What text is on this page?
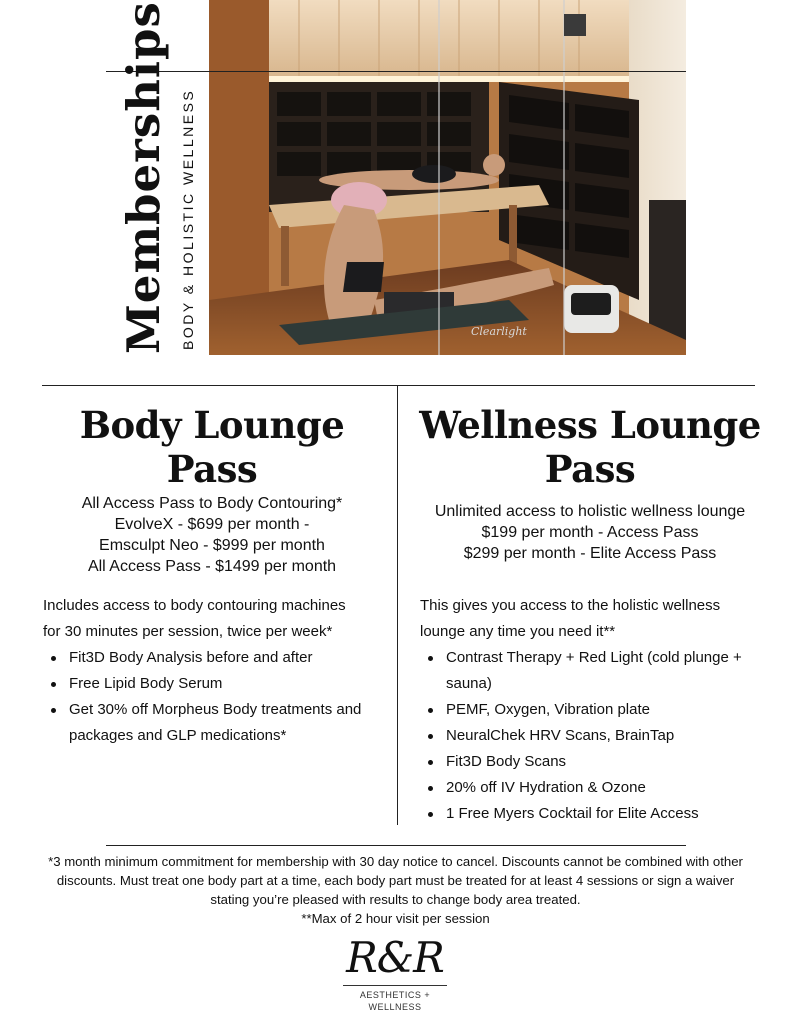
Clearlight
Memberships BODY & HOLISTIC WELLNESS
Body Lounge Pass
All Access Pass to Body Contouring*
EvolveX - $699 per month -
Emsculpt Neo - $999 per month
All Access Pass - $1499 per month
Includes access to body contouring machines
for 30 minutes per session, twice per week*
Fit3D Body Analysis before and after
Free Lipid Body Serum
Get 30% off Morpheus Body treatments and packages and GLP medications*
Wellness Lounge Pass
Unlimited access to holistic wellness lounge
$199 per month - Access Pass
$299 per month - Elite Access Pass
This gives you access to the holistic wellness
lounge any time you need it**
Contrast Therapy + Red Light (cold plunge + sauna)
PEMF, Oxygen, Vibration plate
NeuralChek HRV Scans, BrainTap
Fit3D Body Scans
20% off IV Hydration & Ozone
1 Free Myers Cocktail for Elite Access
*3 month minimum commitment for membership with 30 day notice to cancel. Discounts cannot be combined with other discounts. Must treat one body part at a time, each body part must be treated for at least 4 sessions or sign a waiver stating you’re pleased with results to change body area treated.
**Max of 2 hour visit per session
R&R
AESTHETICS + WELLNESS
